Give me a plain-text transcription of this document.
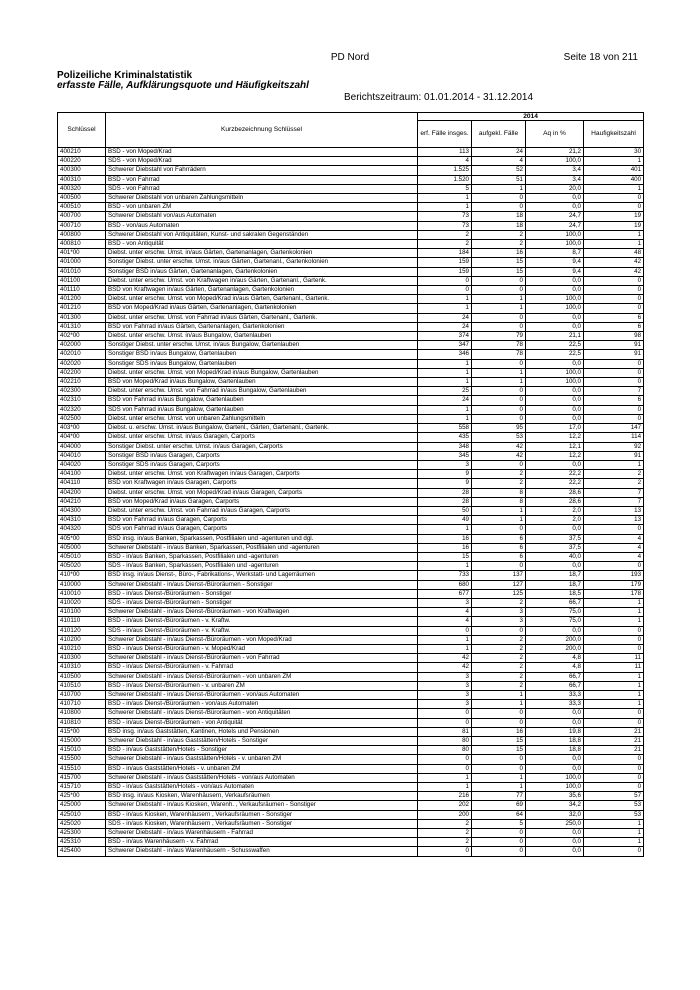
PD Nord	Seite 18 von 211
Polizeiliche Kriminalstatistik
erfasste Fälle, Aufklärungsquote und Häufigkeitszahl
Berichtszeitraum: 01.01.2014 - 31.12.2014
Schlüssel	Kurzbezeichnung Schlüssel	2014			
		erf. Fälle insges.	aufgekl. Fälle	Aq in %	Haufigkeitszahl
400210	BSD - von Moped/Krad	113	24	21,2	30
400220	SDS - von Moped/Krad	4	4	100,0	1
400300	Schwerer Diebstahl von Fahrrädern	1.525	52	3,4	401
400310	BSD - von Fahrrad	1.520	51	3,4	400
400320	SDS - von Fahrrad	5	1	20,0	1
400500	Schwerer Diebstahl von unbaren Zahlungsmitteln	1	0	0,0	0
400510	BSD - von unbaren ZM	1	0	0,0	0
400700	Schwerer Diebstahl von/aus Automaten	73	18	24,7	19
400710	BSD - von/aus Automaten	73	18	24,7	19
400800	Schwerer Diebstahl von Antiquitäten, Kunst- und sakralen Gegenständen	2	2	100,0	1
400810	BSD - von Antiquität	2	2	100,0	1
401*00	Diebst. unter erschw. Umst. in/aus Gärten, Gartenanlagen, Gartenkolonien	184	16	8,7	48
401000	Sonstiger Diebst. unter erschw. Umst. in/aus Gärten, Gartenanl., Gartenkolonien	159	15	9,4	42
401010	Sonstiger BSD in/aus Gärten, Gartenanlagen, Gartenkolonien	159	15	9,4	42
401100	Diebst. unter erschw. Umst. von Kraftwagen in/aus Gärten, Gartenanl., Gartenk.	0	0	0,0	0
401110	BSD von Kraftwagen in/aus Gärten, Gartenanlagen, Gartenkolonien	0	0	0,0	0
401200	Diebst. unter erschw. Umst. von Moped/Krad in/aus Gärten, Gartenanl., Gartenk.	1	1	100,0	0
401210	BSD von Moped/Krad in/aus Gärten, Gartenanlagen, Gartenkolonien	1	1	100,0	0
401300	Diebst. unter erschw. Umst. von Fahrrad in/aus Gärten, Gartenanl., Gartenk.	24	0	0,0	6
401310	BSD von Fahrrad in/aus Gärten, Gartenanlagen, Gartenkolonien	24	0	0,0	6
402*00	Diebst. unter erschw. Umst. in/aus Bungalow, Gartenlauben	374	79	21,1	98
402000	Sonstiger Diebst. unter erschw. Umst. in/aus Bungalow, Gartenlauben	347	78	22,5	91
402010	Sonstiger BSD in/aus Bungalow, Gartenlauben	346	78	22,5	91
402020	Sonstiger SDS in/aus Bungalow, Gartenlauben	1	0	0,0	0
402200	Diebst. unter erschw. Umst. von Moped/Krad in/aus Bungalow, Gartenlauben	1	1	100,0	0
402210	BSD von Moped/Krad in/aus Bungalow, Gartenlauben	1	1	100,0	0
402300	Diebst. unter erschw. Umst. von Fahrrad in/aus Bungalow, Gartenlauben	25	0	0,0	7
402310	BSD von Fahrrad in/aus Bungalow, Gartenlauben	24	0	0,0	6
402320	SDS von Fahrrad in/aus Bungalow, Gartenlauben	1	0	0,0	0
402500	Diebst. unter erschw. Umst. von unbaren Zahlungsmitteln	1	0	0,0	0
403*00	Diebst. u. erschw. Umst. in/aus Bungalow, Gartenl., Gärten, Gartenanl., Gartenk.	558	95	17,0	147
404*00	Diebst. unter erschw. Umst. in/aus Garagen, Carports	435	53	12,2	114
404000	Sonstiger Diebst. unter erschw. Umst. in/aus Garagen, Carports	348	42	12,1	92
404010	Sonstiger BSD in/aus Garagen, Carports	345	42	12,2	91
404020	Sonstiger SDS in/aus Garagen, Carports	3	0	0,0	1
404100	Diebst. unter erschw. Umst. von Kraftwagen in/aus Garagen, Carports	9	2	22,2	2
404110	BSD von Kraftwagen in/aus Garagen, Carports	9	2	22,2	2
404200	Diebst. unter erschw. Umst. von Moped/Krad in/aus Garagen, Carports	28	8	28,6	7
404210	BSD von Moped/Krad in/aus Garagen, Carports	28	8	28,6	7
404300	Diebst. unter erschw. Umst. von Fahrrad in/aus Garagen, Carports	50	1	2,0	13
404310	BSD von Fahrrad in/aus Garagen, Carports	49	1	2,0	13
404320	SDS von Fahrrad in/aus Garagen, Carports	1	0	0,0	0
405*00	BSD insg. in/aus Banken, Sparkassen, Postfilialen und -agenturen und dgl.	16	6	37,5	4
405000	Schwerer Diebstahl - in/aus Banken, Sparkassen, Postfilialen und -agenturen	16	6	37,5	4
405010	BSD - in/aus Banken, Sparkassen, Postfilialen und -agenturen	15	6	40,0	4
405020	SDS - in/aus Banken, Sparkassen, Postfilialen und -agenturen	1	0	0,0	0
410*00	BSD insg. in/aus Dienst-, Büro-, Fabrikations-, Werkstatt- und Lagerräumen	733	137	18,7	193
410000	Schwerer Diebstahl - in/aus Dienst-/Büroräumen - Sonstiger	680	127	18,7	179
410010	BSD - in/aus Dienst-/Büroräumen - Sonstiger	677	125	18,5	178
410020	SDS - in/aus Dienst-/Büroräumen - Sonstiger	3	2	66,7	1
410100	Schwerer Diebstahl - in/aus Dienst-/Büroräumen - von Kraftwagen	4	3	75,0	1
410110	BSD - in/aus Dienst-/Büroräumen - v. Kraftw.	4	3	75,0	1
410120	SDS - in/aus Dienst-/Büroräumen - v. Kraftw.	0	0	0,0	0
410200	Schwerer Diebstahl - in/aus Dienst-/Büroräumen - von Moped/Krad	1	2	200,0	0
410210	BSD - in/aus Dienst-/Büroräumen - v. Moped/Krad	1	2	200,0	0
410300	Schwerer Diebstahl - in/aus Dienst-/Büroräumen - von Fahrrad	42	2	4,8	11
410310	BSD - in/aus Dienst-/Büroräumen - v. Fahrrad	42	2	4,8	11
410500	Schwerer Diebstahl - in/aus Dienst-/Büroräumen - von unbaren ZM	3	2	66,7	1
410510	BSD - in/aus Dienst-/Büroräumen - v. unbaren ZM	3	2	66,7	1
410700	Schwerer Diebstahl - in/aus Dienst-/Büroräumen - von/aus Automaten	3	1	33,3	1
410710	BSD - in/aus Dienst-/Büroräumen - von/aus Automaten	3	1	33,3	1
410800	Schwerer Diebstahl - in/aus Dienst-/Büroräumen - von Antiquitäten	0	0	0,0	0
410810	BSD - in/aus Dienst-/Büroräumen - von Antiquität	0	0	0,0	0
415*00	BSD insg. in/aus Gaststätten, Kantinen, Hotels und Pensionen	81	16	19,8	21
415000	Schwerer Diebstahl - in/aus Gaststätten/Hotels - Sonstiger	80	15	18,8	21
415010	BSD - in/aus Gaststätten/Hotels - Sonstiger	80	15	18,8	21
415500	Schwerer Diebstahl - in/aus Gaststätten/Hotels - v. unbaren ZM	0	0	0,0	0
415510	BSD - in/aus Gaststätten/Hotels - v. unbaren ZM	0	0	0,0	0
415700	Schwerer Diebstahl - in/aus Gaststätten/Hotels - von/aus Automaten	1	1	100,0	0
415710	BSD - in/aus Gaststätten/Hotels - von/aus Automaten	1	1	100,0	0
425*00	BSD insg. in/aus Kiosken, Warenhäusern, Verkaufsräumen	216	77	35,6	57
425000	Schwerer Diebstahl - in/aus Kiosken, Warenh. , Verkaufsräumen - Sonstiger	202	69	34,2	53
425010	BSD - in/aus Kiosken, Warenhäusern , Verkaufsräumen - Sonstiger	200	64	32,0	53
425020	SDS - in/aus Kiosken, Warenhäusern , Verkaufsräumen - Sonstiger	2	5	250,0	1
425300	Schwerer Diebstahl - in/aus Warenhäusern - Fahrrad	2	0	0,0	1
425310	BSD - in/aus Warenhäusern - v. Fahrrad	2	0	0,0	1
425400	Schwerer Diebstahl - in/aus Warenhäusern - Schusswaffen	0	0	0,0	0
